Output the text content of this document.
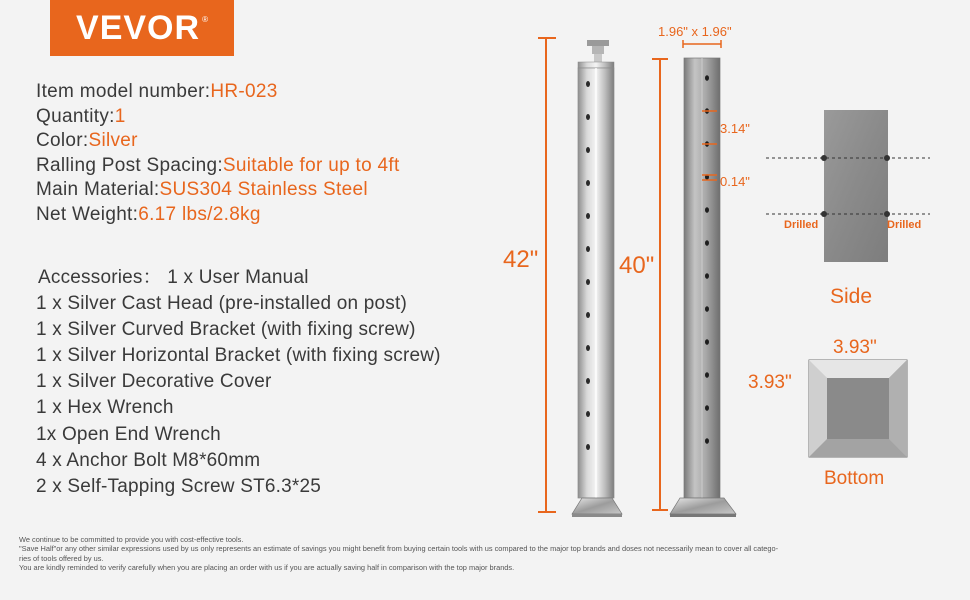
VEVOR ®
Item model number:HR-023
Quantity:1
Color:Silver
Ralling Post Spacing:Suitable for up to 4ft
Main Material:SUS304 Stainless Steel
Net Weight:6.17 lbs/2.8kg
Accessories： 1 x User Manual
1 x Silver Cast Head (pre-installed on post)
1 x Silver Curved Bracket (with fixing screw)
1 x Silver Horizontal Bracket (with fixing screw)
1 x Silver Decorative Cover
1 x Hex Wrench
1x Open End Wrench
4 x Anchor Bolt M8*60mm
2 x Self-Tapping Screw ST6.3*25
42"	40"
1.96" x 1.96"
3.14"
0.14"
3.93"
3.93"
Drilled	Drilled
Side
Bottom
We continue to be committed to provide you with cost-effective tools.
"Save Half"or any other similar expressions used by us only represents an estimate of savings you might benefit from buying certain tools with us compared to the major top brands and doses not necessarily mean to cover all catego-
ries of tools offered by us.
You are kindly reminded to verify carefully when you are placing an order with us if you are actually saving half in comparison with the top major brands.
